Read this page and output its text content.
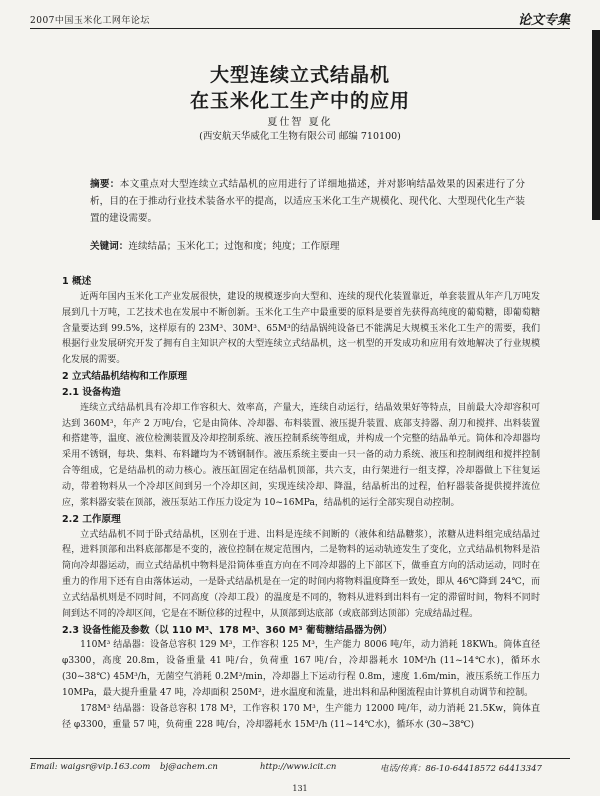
2007中国玉米化工网年论坛	论文专集
大型连续立式结晶机
在玉米化工生产中的应用
夏仕智 夏化
(西安航天华威化工生物有限公司 邮编 710100)
摘要：本文重点对大型连续立式结晶机的应用进行了详细地描述，并对影响结晶效果的因素进行了分析，目的在于推动行业技术装备水平的提高，以适应玉米化工生产规模化、现代化、大型现代化生产装置的建设需要。
关键词：连续结晶；玉米化工；过饱和度；纯度；工作原理

1 概述

近两年国内玉米化工产业发展很快，建设的规模逐步向大型和、连续的现代化装置靠近，单套装置从年产几万吨发展到几十万吨，工艺技术也在发展中不断创新。玉米化工生产中最重要的原料是要首先获得高纯度的葡萄糖，即葡萄糖含量要达到 99.5%，这样原有的 23M³、30M³、65M³的结晶锅纯设备已不能满足大规模玉米化工生产的需要，我们根据行业发展研究开发了拥有自主知识产权的大型连续立式结晶机，这一机型的开发成功和应用有效地解决了行业规模化发展的需要。

2 立式结晶机结构和工作原理

2.1 设备构造

连续立式结晶机具有冷却工作容积大、效率高，产量大，连续自动运行，结晶效果好等特点，目前最大冷却容积可达到 360M³，年产 2 万吨/台，它是由筒体、冷却器、布料装置、液压提升装置、底部支持器、刮刀和搅拌、出料装置和搭建等，温度、液位检测装置及冷却控制系统、液压控制系统等组成，并构成一个完整的结晶单元。筒体和冷却器均采用不锈钢，每块、集料、布料罐均为不锈钢制作。液压系统主要由一只一备的动力系统、液压和控制阀组和搅拌控制合等组成，它是结晶机的动力核心。液压缸固定在结晶机顶部，共六支，由行架进行一组支撑，冷却器做上下往复运动，带着物料从一个冷却区间到另一个冷却区间，实现连续冷却、降温，结晶析出的过程，伯籽器装备提供搅拌流位应，浆料器安装在顶部，液压泵站工作压力设定为 10~16MPa，结晶机的运行全部实现自动控制。

2.2 工作原理

立式结晶机不同于卧式结晶机，区别在于进、出料是连续不间断的（液体和结晶糖浆），浓糖从进料组完成结晶过程，进料顶部和出料底部都是不变的，液位控制在规定范围内，二是物料的运动轨迹发生了变化，立式结晶机物料是沿筒向冷却器运动，而立式结晶机中物料是沿筒体垂直方向在不同冷却器的上下部区下，做垂直方向的活动运动，同时在重力的作用下还有自由落体运动，一是卧式结晶机是在一定的时间内将物料温度降至一致处，即从 46℃降到 24℃，而立式结晶机则是不同时间，不同高度（冷却工段）的温度是不同的，物料从进料到出料有一定的滞留时间，物料不同时间到达不同的冷却区间，它是在不断位移的过程中，从顶部到达底部（或底部到达顶部）完成结晶过程。

2.3 设备性能及参数（以 110 M³、178 M³、360 M³ 葡萄糖结晶器为例）

110M³ 结晶器：设备总容积 129 M³，工作容积 125 M³，生产能力 8006 吨/年，动力消耗 18KWh。筒体直径 φ3300，高度 20.8m，设备重量 41 吨/台，负荷重 167 吨/台，冷却器耗水 10M³/h (11~14℃水)，循环水 (30~38℃) 45M³/h，无菌空气消耗 0.2M³/min，冷却器上下运动行程 0.8m，速度 1.6m/min，液压系统工作压力 10MPa，最大提升重量 47 吨，冷却面积 250M²，进水温度和流量，进出料和品种图流程由计算机自动调节和控制。

178M³ 结晶器：设备总容积 178 M³，工作容积 170 M³，生产能力 12000 吨/年，动力消耗 21.5Kw，筒体直径 φ3300，重量 57 吨，负荷重 228 吨/台，冷却器耗水 15M³/h (11~14℃水)，循环水 (30~38℃)

Email: waigsr@vip.163.com bj@achem.cn	http://www.icit.cn	电话/传真：86-10-64418572 64413347
131
